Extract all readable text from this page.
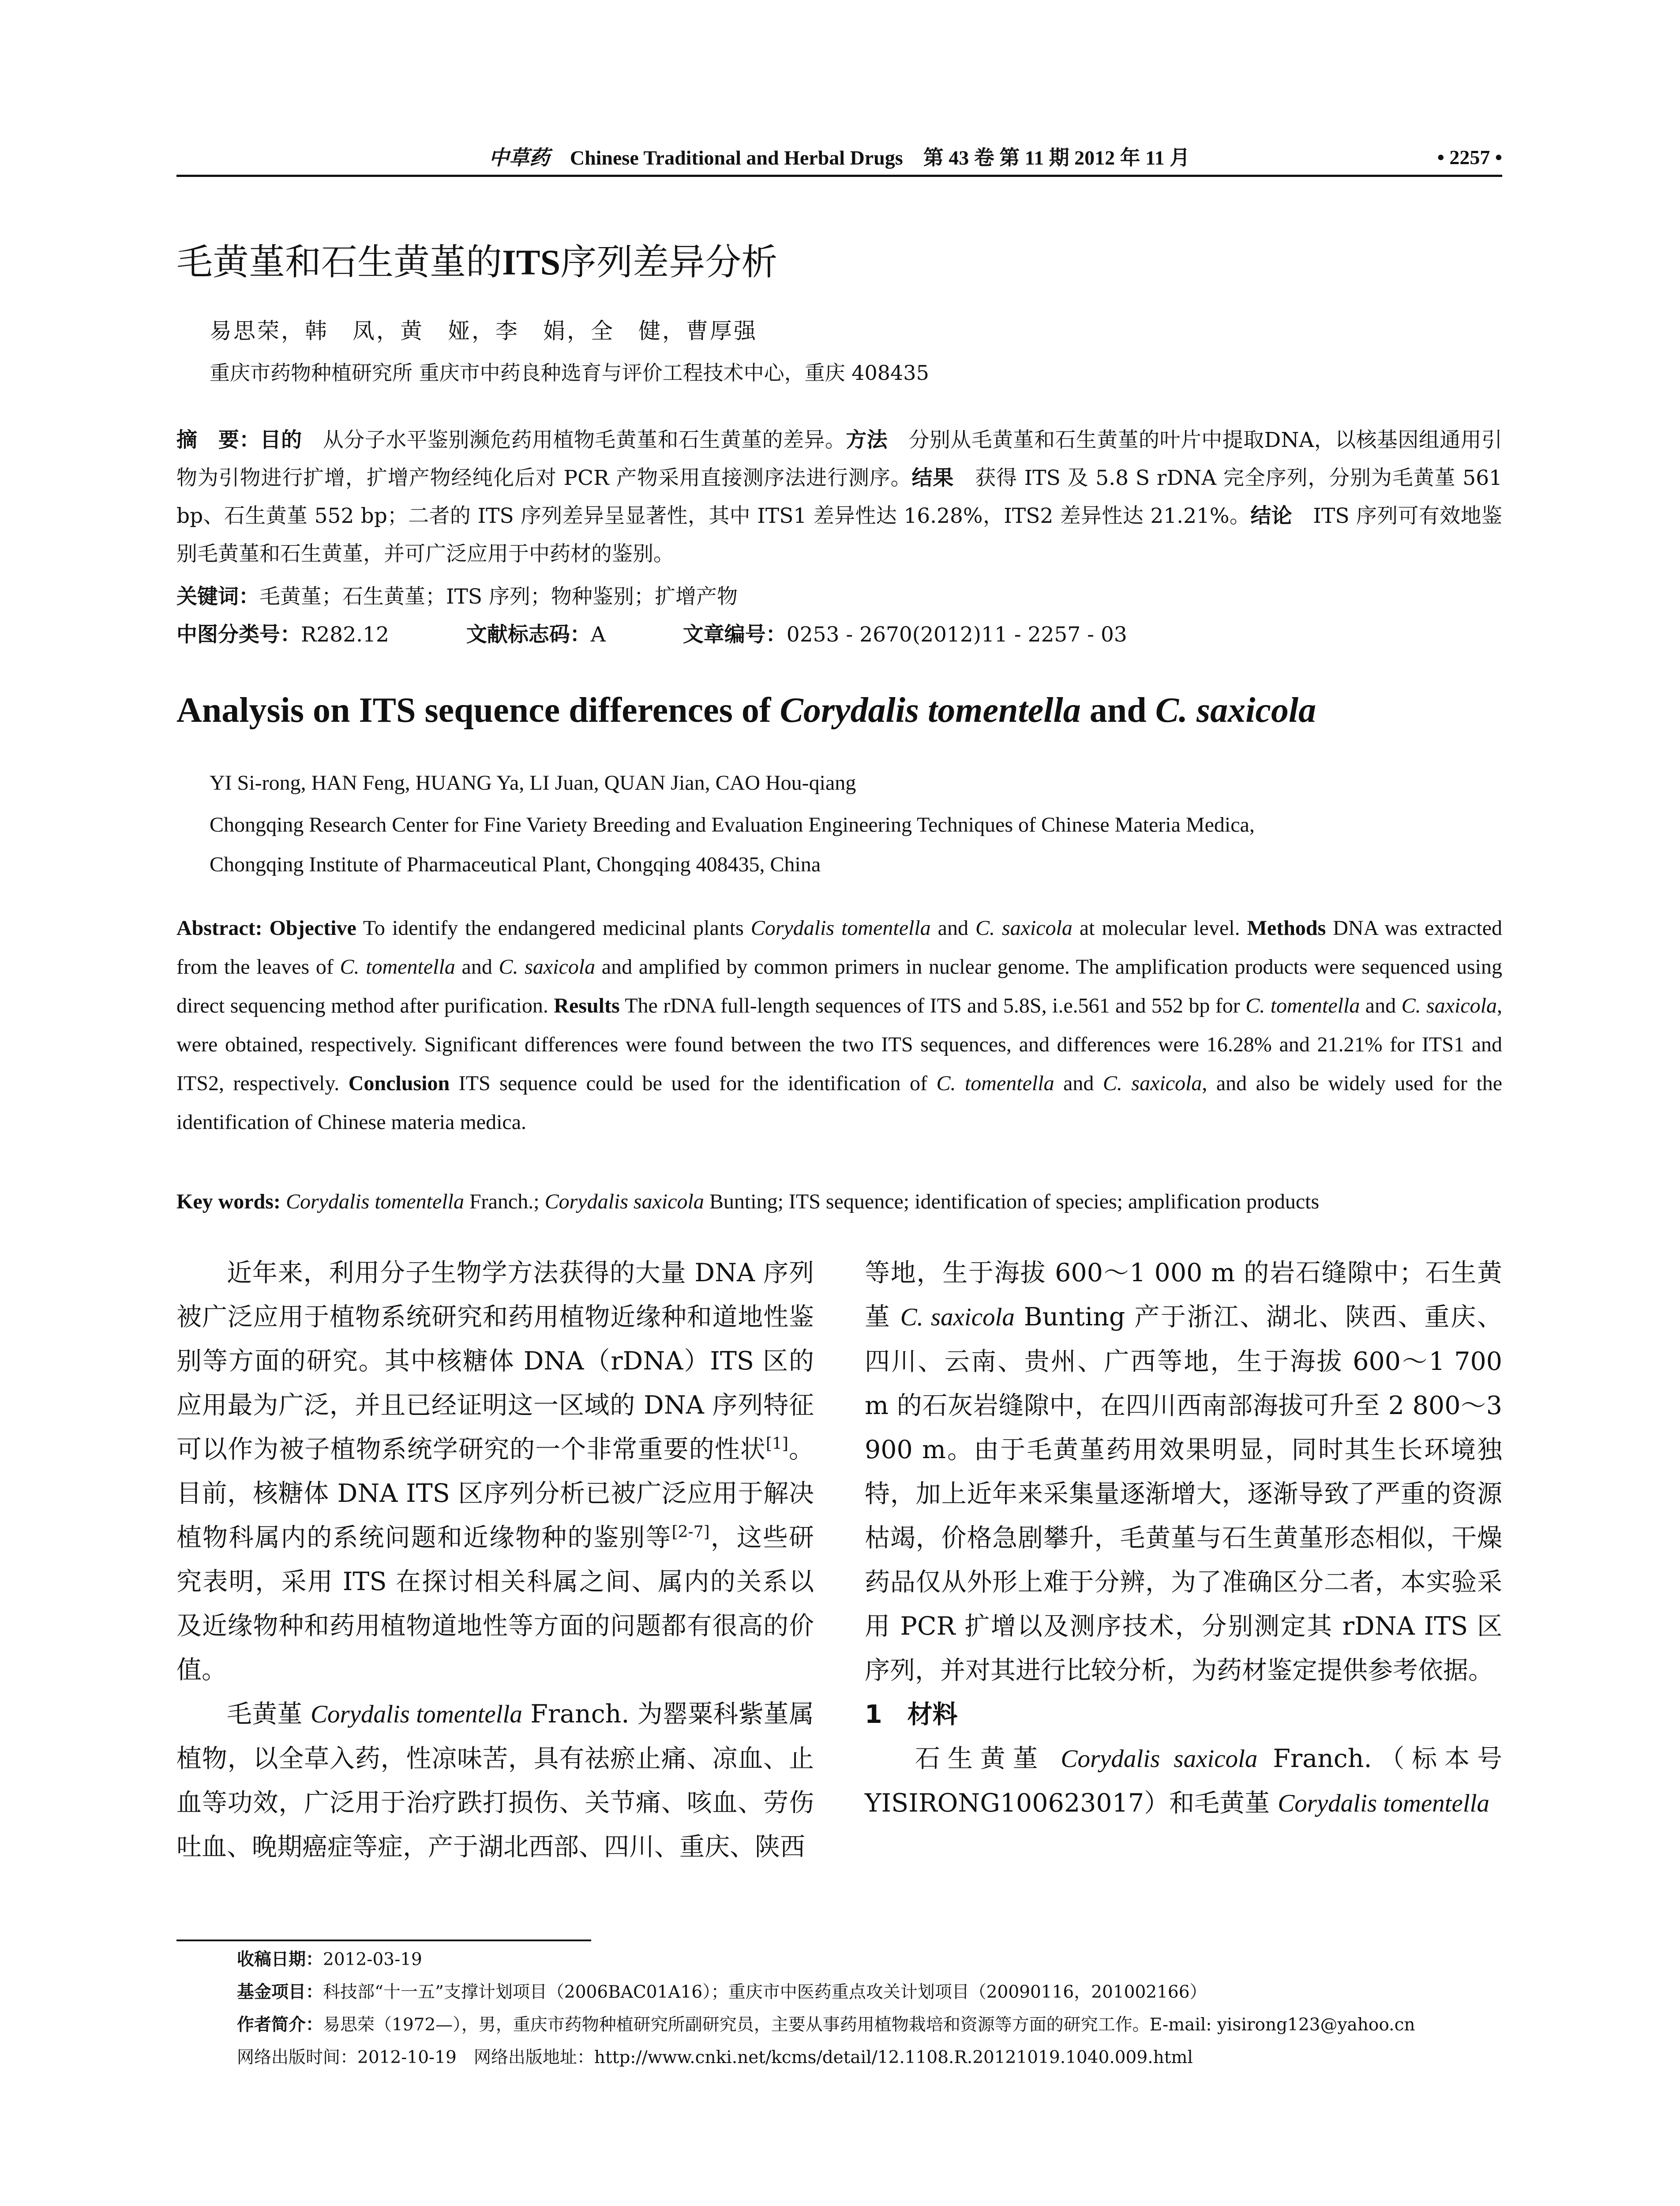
中草药 Chinese Traditional and Herbal Drugs 第 43 卷 第 11 期 2012 年 11 月	• 2257 •
毛黄堇和石生黄堇的ITS序列差异分析
易思荣，韩　凤，黄　娅，李　娟，全　健，曹厚强
重庆市药物种植研究所 重庆市中药良种选育与评价工程技术中心，重庆 408435
摘　要：目的　从分子水平鉴别濒危药用植物毛黄堇和石生黄堇的差异。方法　分别从毛黄堇和石生黄堇的叶片中提取DNA，以核基因组通用引物为引物进行扩增，扩增产物经纯化后对 PCR 产物采用直接测序法进行测序。结果　获得 ITS 及 5.8 S rDNA 完全序列，分别为毛黄堇 561 bp、石生黄堇 552 bp；二者的 ITS 序列差异呈显著性，其中 ITS1 差异性达 16.28%，ITS2 差异性达 21.21%。结论　ITS 序列可有效地鉴别毛黄堇和石生黄堇，并可广泛应用于中药材的鉴别。
关键词：毛黄堇；石生黄堇；ITS 序列；物种鉴别；扩增产物
中图分类号：R282.12	文献标志码：A	文章编号：0253 - 2670(2012)11 - 2257 - 03
Analysis on ITS sequence differences of Corydalis tomentella and C. saxicola
YI Si-rong, HAN Feng, HUANG Ya, LI Juan, QUAN Jian, CAO Hou-qiang
Chongqing Research Center for Fine Variety Breeding and Evaluation Engineering Techniques of Chinese Materia Medica,
Chongqing Institute of Pharmaceutical Plant, Chongqing 408435, China
Abstract: Objective To identify the endangered medicinal plants Corydalis tomentella and C. saxicola at molecular level. Methods DNA was extracted from the leaves of C. tomentella and C. saxicola and amplified by common primers in nuclear genome. The amplification products were sequenced using direct sequencing method after purification. Results The rDNA full-length sequences of ITS and 5.8S, i.e.561 and 552 bp for C. tomentella and C. saxicola, were obtained, respectively. Significant differences were found between the two ITS sequences, and differences were 16.28% and 21.21% for ITS1 and ITS2, respectively. Conclusion ITS sequence could be used for the identification of C. tomentella and C. saxicola, and also be widely used for the identification of Chinese materia medica.
Key words: Corydalis tomentella Franch.; Corydalis saxicola Bunting; ITS sequence; identification of species; amplification products

近年来，利用分子生物学方法获得的大量 DNA 序列被广泛应用于植物系统研究和药用植物近缘种和道地性鉴别等方面的研究。其中核糖体 DNA（rDNA）ITS 区的应用最为广泛，并且已经证明这一区域的 DNA 序列特征可以作为被子植物系统学研究的一个非常重要的性状[1]。目前，核糖体 DNA ITS 区序列分析已被广泛应用于解决植物科属内的系统问题和近缘物种的鉴别等[2-7]，这些研究表明，采用 ITS 在探讨相关科属之间、属内的关系以及近缘物种和药用植物道地性等方面的问题都有很高的价值。

毛黄堇 Corydalis tomentella Franch. 为罂粟科紫堇属植物，以全草入药，性凉味苦，具有祛瘀止痛、凉血、止血等功效，广泛用于治疗跌打损伤、关节痛、咳血、劳伤吐血、晚期癌症等症，产于湖北西部、四川、重庆、陕西

等地，生于海拔 600～1 000 m 的岩石缝隙中；石生黄堇 C. saxicola Bunting 产于浙江、湖北、陕西、重庆、四川、云南、贵州、广西等地，生于海拔 600～1 700 m 的石灰岩缝隙中，在四川西南部海拔可升至 2 800～3 900 m。由于毛黄堇药用效果明显，同时其生长环境独特，加上近年来采集量逐渐增大，逐渐导致了严重的资源枯竭，价格急剧攀升，毛黄堇与石生黄堇形态相似，干燥药品仅从外形上难于分辨，为了准确区分二者，本实验采用 PCR 扩增以及测序技术，分别测定其 rDNA ITS 区序列，并对其进行比较分析，为药材鉴定提供参考依据。

1　材料

石生黄堇 Corydalis saxicola Franch.（标本号 YISIRONG100623017）和毛黄堇 Corydalis tomentella

收稿日期：2012-03-19
基金项目：科技部“十一五”支撑计划项目（2006BAC01A16）；重庆市中医药重点攻关计划项目（20090116，201002166）
作者简介：易思荣（1972—），男，重庆市药物种植研究所副研究员，主要从事药用植物栽培和资源等方面的研究工作。E-mail: yisirong123@yahoo.cn
网络出版时间：2012-10-19　网络出版地址：http://www.cnki.net/kcms/detail/12.1108.R.20121019.1040.009.html
